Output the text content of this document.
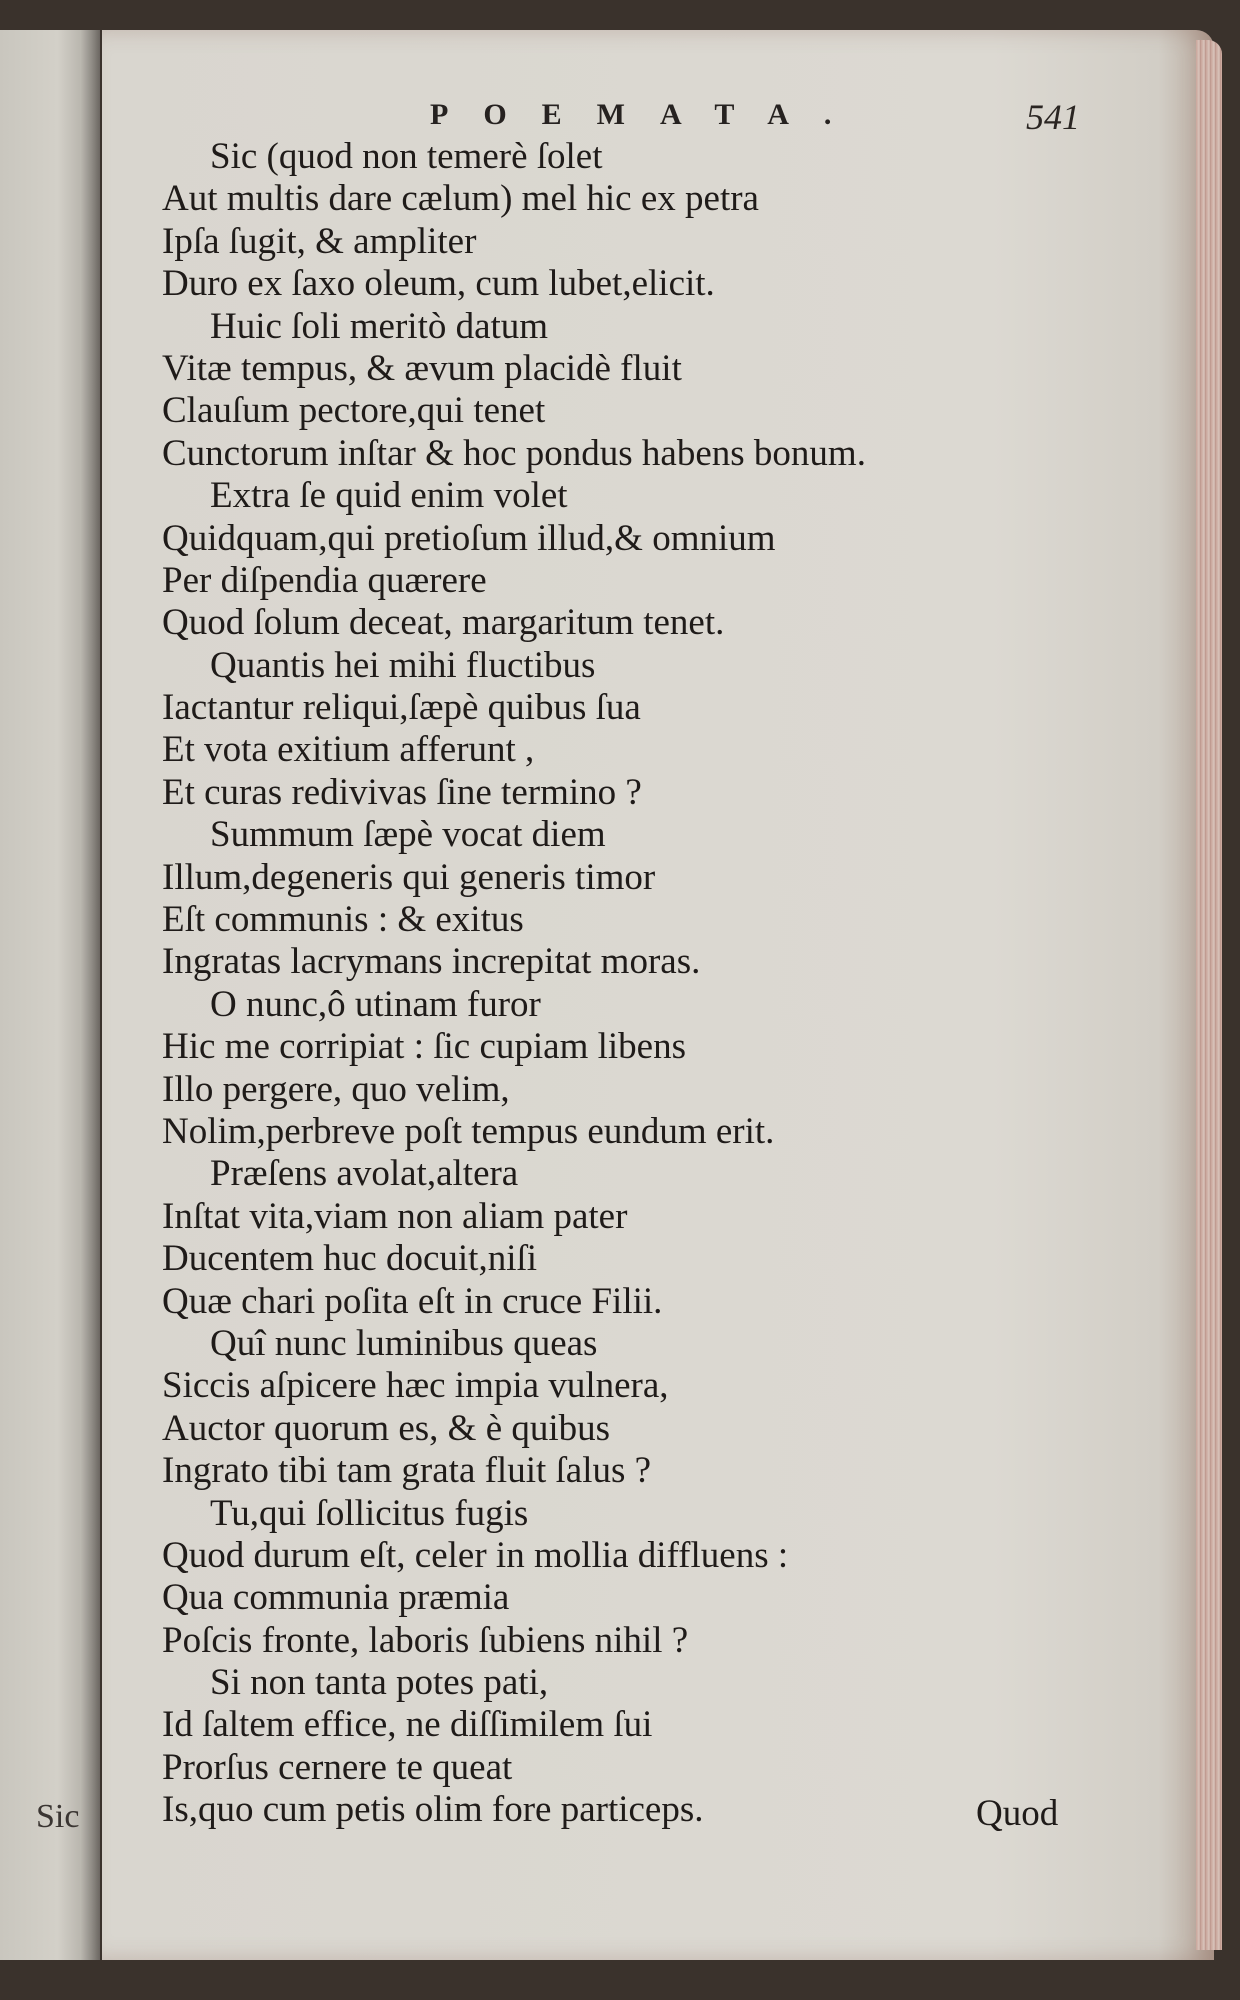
Sic
POEMATA.	541
Sic (quod non temerè ſolet
Aut multis dare cælum) mel hic ex petra
Ipſa ſugit, & ampliter
Duro ex ſaxo oleum, cum lubet,elicit.
Huic ſoli meritò datum
Vitæ tempus, & ævum placidè fluit
Clauſum pectore,qui tenet
Cunctorum inſtar & hoc pondus habens bonum.
Extra ſe quid enim volet
Quidquam,qui pretioſum illud,& omnium
Per diſpendia quærere
Quod ſolum deceat, margaritum tenet.
Quantis hei mihi fluctibus
Iactantur reliqui,ſæpè quibus ſua
Et vota exitium afferunt ,
Et curas redivivas ſine termino ?
Summum ſæpè vocat diem
Illum,degeneris qui generis timor
Eſt communis : & exitus
Ingratas lacrymans increpitat moras.
O nunc,ô utinam furor
Hic me corripiat : ſic cupiam libens
Illo pergere, quo velim,
Nolim,perbreve poſt tempus eundum erit.
Præſens avolat,altera
Inſtat vita,viam non aliam pater
Ducentem huc docuit,niſi
Quæ chari poſita eſt in cruce Filii.
Quî nunc luminibus queas
Siccis aſpicere hæc impia vulnera,
Auctor quorum es, & è quibus
Ingrato tibi tam grata fluit ſalus ?
Tu,qui ſollicitus fugis
Quod durum eſt, celer in mollia diffluens :
Qua communia præmia
Poſcis fronte, laboris ſubiens nihil ?
Si non tanta potes pati,
Id ſaltem effice, ne diſſimilem ſui
Prorſus cernere te queat
Is,quo cum petis olim fore particeps.	Quod
